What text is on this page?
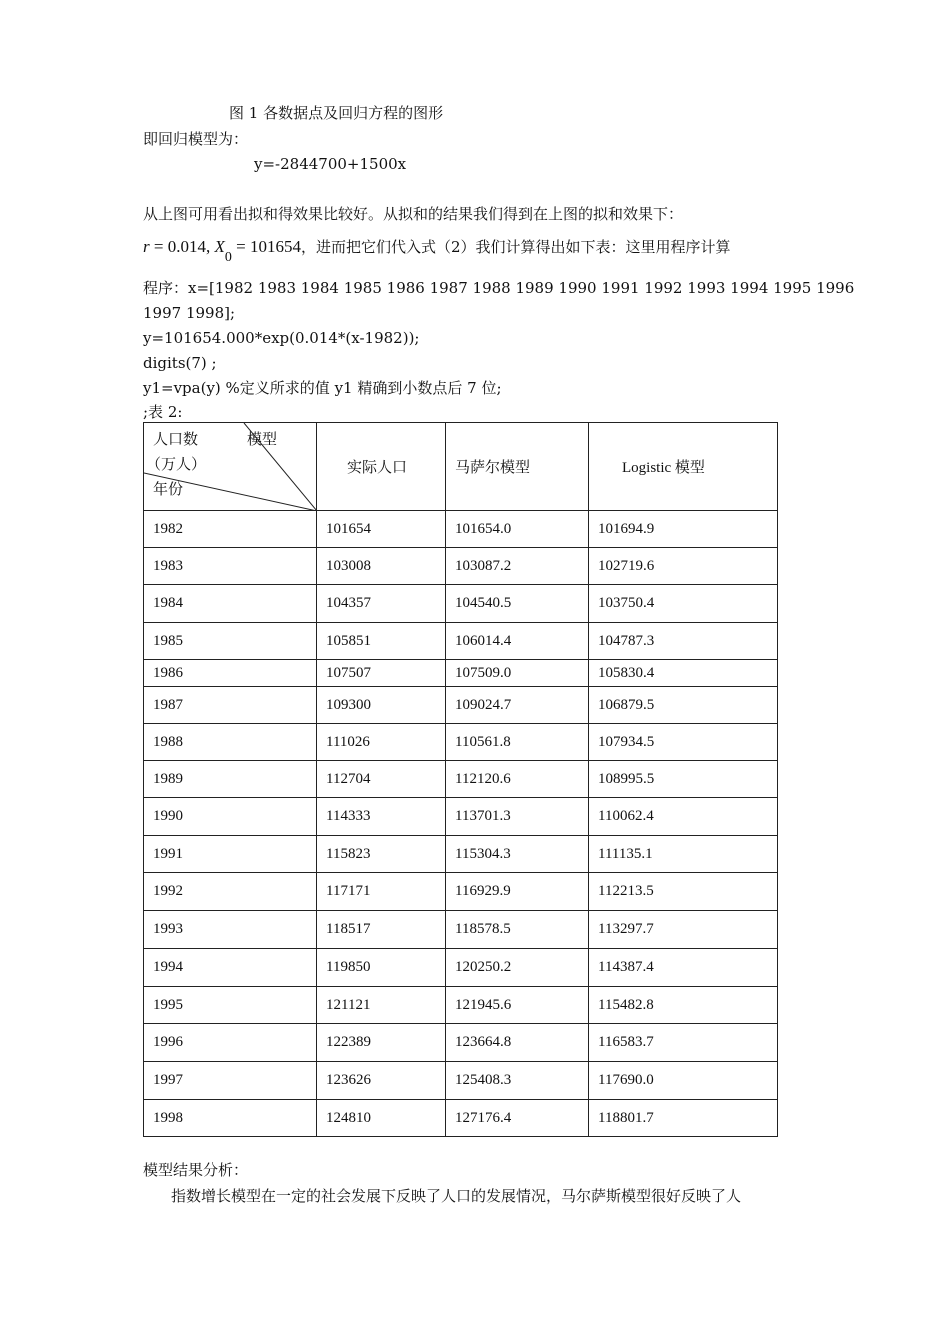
图 1 各数据点及回归方程的图形
即回归模型为：
y=-2844700+1500x
从上图可用看出拟和得效果比较好。从拟和的结果我们得到在上图的拟和效果下：
r = 0.014, $X_0 = 101654$，进而把它们代入式（2）我们计算得出如下表：这里用程序计算
程序：x=[1982 1983 1984 1985 1986 1987 1988 1989 1990 1991 1992 1993 1994 1995 1996
1997 1998];
y=101654.000*exp(0.014*(x-1982));
digits(7) ;
y1=vpa(y) %定义所求的值 y1 精确到小数点后 7 位;
;表 2:
模型
人口数
（万人）
年份	实际人口	马萨尔模型	Logistic 模型
1982	101654	101654.0	101694.9
1983	103008	103087.2	102719.6
1984	104357	104540.5	103750.4
1985	105851	106014.4	104787.3
1986	107507	107509.0	105830.4
1987	109300	109024.7	106879.5
1988	111026	110561.8	107934.5
1989	112704	112120.6	108995.5
1990	114333	113701.3	110062.4
1991	115823	115304.3	111135.1
1992	117171	116929.9	112213.5
1993	118517	118578.5	113297.7
1994	119850	120250.2	114387.4
1995	121121	121945.6	115482.8
1996	122389	123664.8	116583.7
1997	123626	125408.3	117690.0
1998	124810	127176.4	118801.7
模型结果分析：
指数增长模型在一定的社会发展下反映了人口的发展情况，马尔萨斯模型很好反映了人
